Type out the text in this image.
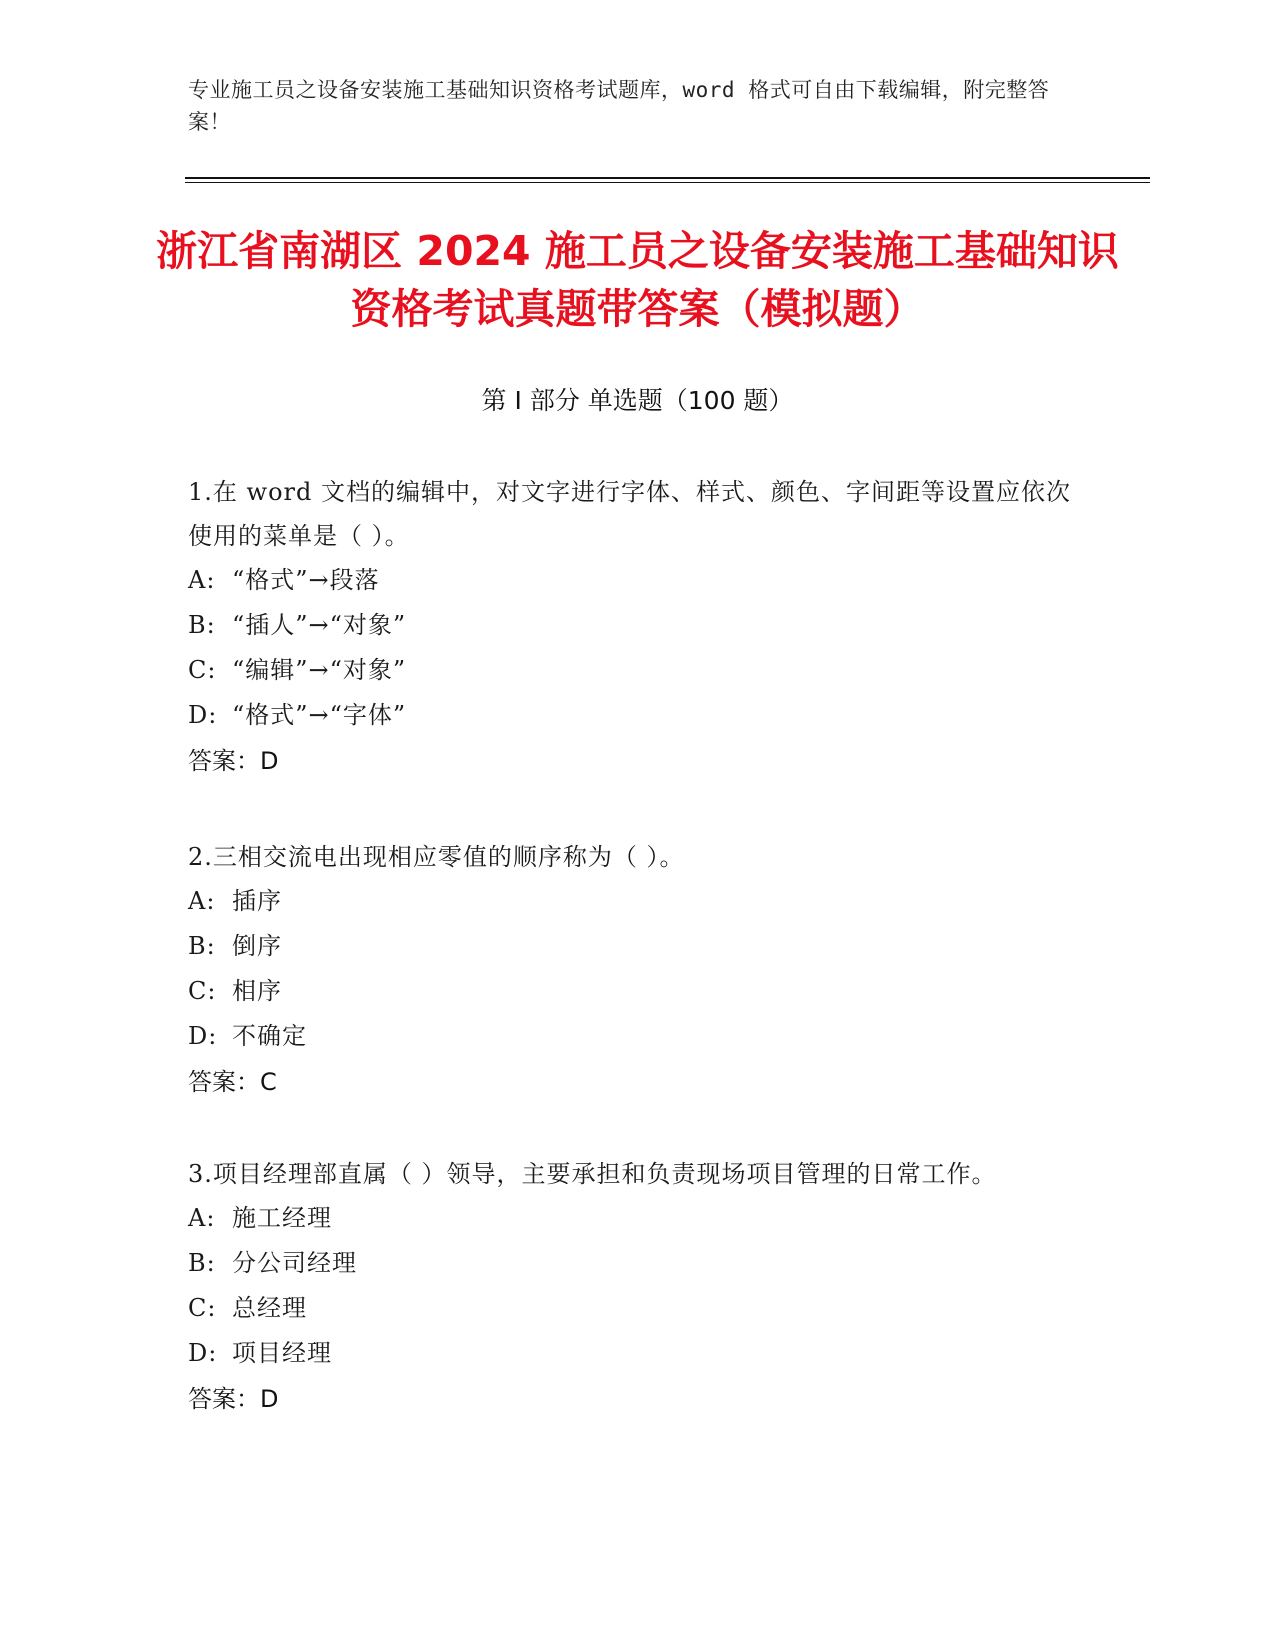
专业施工员之设备安装施工基础知识资格考试题库，word 格式可自由下载编辑，附完整答案！
浙江省南湖区 2024 施工员之设备安装施工基础知识资格考试真题带答案（模拟题）
第 I 部分 单选题（100 题）
1.在 word 文档的编辑中，对文字进行字体、样式、颜色、字间距等设置应依次使用的菜单是（ ）。
A: “格式”→段落
B: “插人”→“对象”
C: “编辑”→“对象”
D: “格式”→“字体”
答案：D
2.三相交流电出现相应零值的顺序称为（ ）。
A: 插序
B: 倒序
C: 相序
D: 不确定
答案：C
3.项目经理部直属（ ）领导，主要承担和负责现场项目管理的日常工作。
A: 施工经理
B: 分公司经理
C: 总经理
D: 项目经理
答案：D
